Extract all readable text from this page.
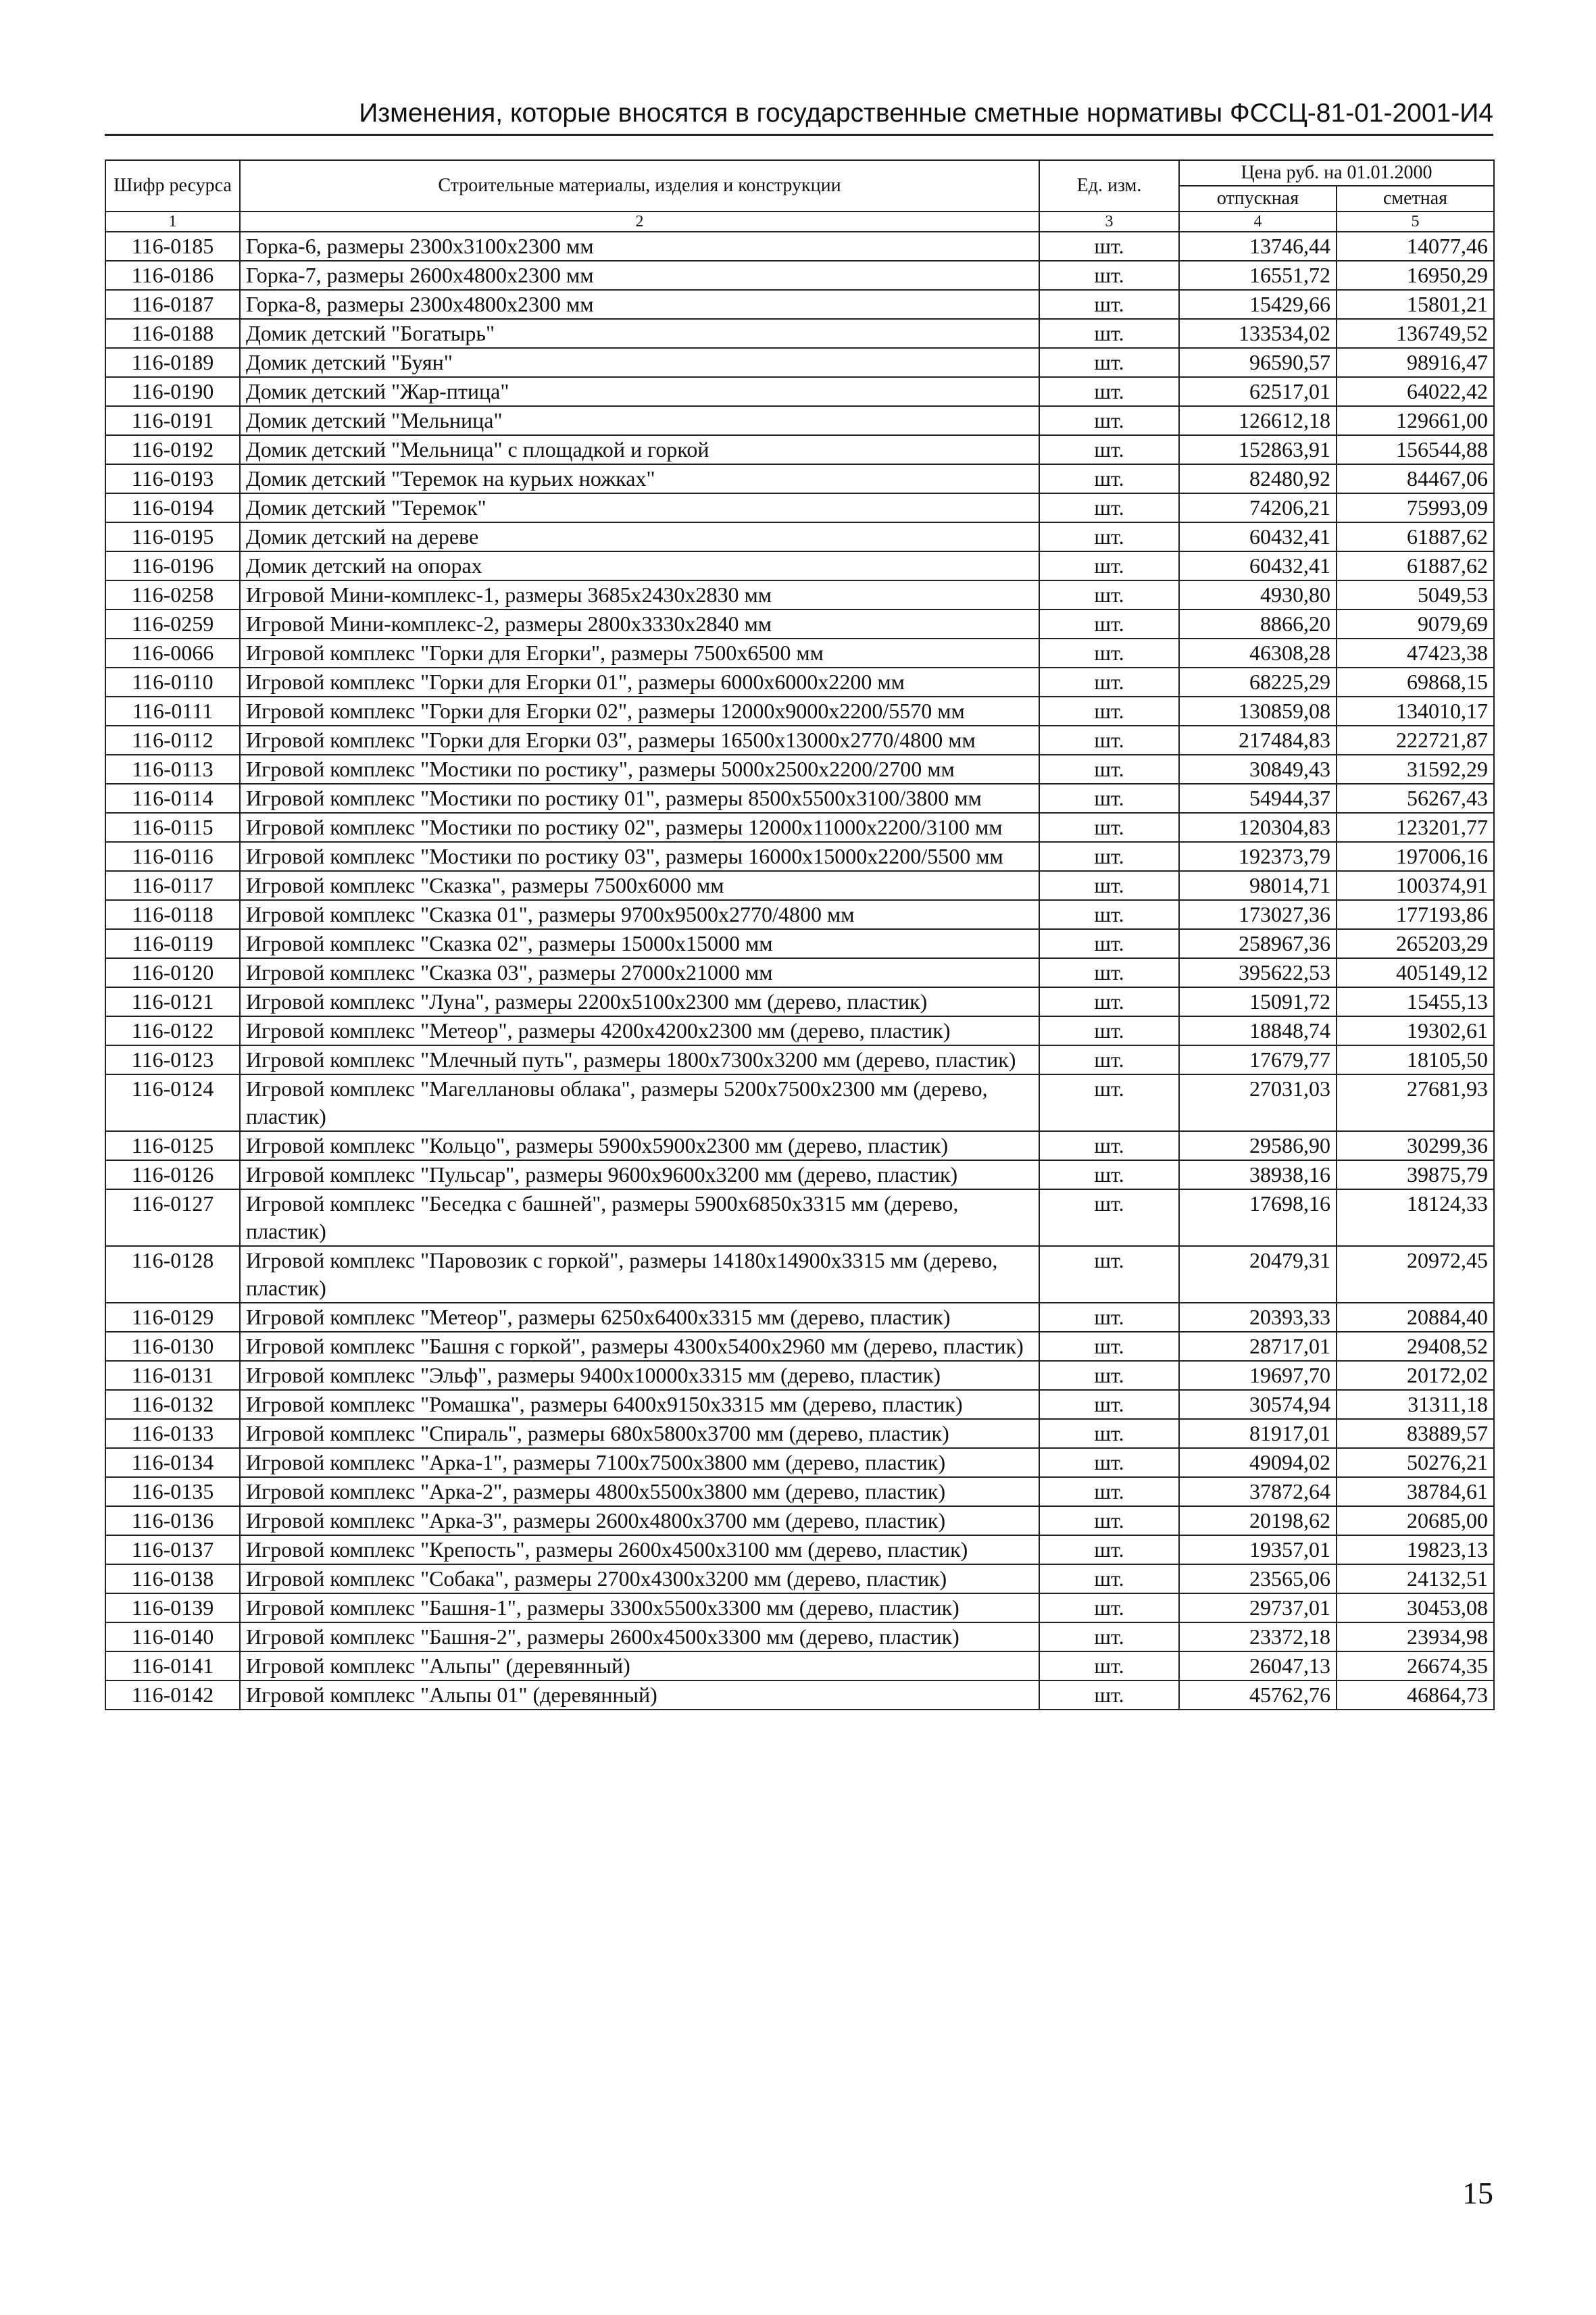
Изменения, которые вносятся в государственные сметные нормативы ФССЦ-81-01-2001-И4
Шифр ресурса	Строительные материалы, изделия и конструкции	Ед. изм.	Цена руб. на 01.01.2000	
			отпускная	сметная
1	2	3	4	5
116-0185	Горка-6, размеры 2300х3100х2300 мм	шт.	13746,44	14077,46
116-0186	Горка-7, размеры 2600х4800х2300 мм	шт.	16551,72	16950,29
116-0187	Горка-8, размеры 2300х4800х2300 мм	шт.	15429,66	15801,21
116-0188	Домик детский "Богатырь"	шт.	133534,02	136749,52
116-0189	Домик детский "Буян"	шт.	96590,57	98916,47
116-0190	Домик детский "Жар-птица"	шт.	62517,01	64022,42
116-0191	Домик детский "Мельница"	шт.	126612,18	129661,00
116-0192	Домик детский "Мельница" с площадкой и горкой	шт.	152863,91	156544,88
116-0193	Домик детский "Теремок на курьих ножках"	шт.	82480,92	84467,06
116-0194	Домик детский "Теремок"	шт.	74206,21	75993,09
116-0195	Домик детский на дереве	шт.	60432,41	61887,62
116-0196	Домик детский на опорах	шт.	60432,41	61887,62
116-0258	Игровой Мини-комплекс-1, размеры 3685х2430х2830 мм	шт.	4930,80	5049,53
116-0259	Игровой Мини-комплекс-2, размеры 2800х3330х2840 мм	шт.	8866,20	9079,69
116-0066	Игровой комплекс "Горки для Егорки", размеры 7500х6500 мм	шт.	46308,28	47423,38
116-0110	Игровой комплекс "Горки для Егорки 01", размеры 6000х6000х2200 мм	шт.	68225,29	69868,15
116-0111	Игровой комплекс "Горки для Егорки 02", размеры 12000х9000х2200/5570 мм	шт.	130859,08	134010,17
116-0112	Игровой комплекс "Горки для Егорки 03", размеры 16500х13000х2770/4800 мм	шт.	217484,83	222721,87
116-0113	Игровой комплекс "Мостики по ростику", размеры 5000х2500х2200/2700 мм	шт.	30849,43	31592,29
116-0114	Игровой комплекс "Мостики по ростику 01", размеры 8500х5500х3100/3800 мм	шт.	54944,37	56267,43
116-0115	Игровой комплекс "Мостики по ростику 02", размеры 12000х11000х2200/3100 мм	шт.	120304,83	123201,77
116-0116	Игровой комплекс "Мостики по ростику 03", размеры 16000х15000х2200/5500 мм	шт.	192373,79	197006,16
116-0117	Игровой комплекс "Сказка", размеры 7500х6000 мм	шт.	98014,71	100374,91
116-0118	Игровой комплекс "Сказка 01", размеры 9700х9500х2770/4800 мм	шт.	173027,36	177193,86
116-0119	Игровой комплекс "Сказка 02", размеры 15000х15000 мм	шт.	258967,36	265203,29
116-0120	Игровой комплекс "Сказка 03", размеры 27000х21000 мм	шт.	395622,53	405149,12
116-0121	Игровой комплекс "Луна", размеры 2200х5100х2300 мм (дерево, пластик)	шт.	15091,72	15455,13
116-0122	Игровой комплекс "Метеор", размеры 4200х4200х2300 мм (дерево, пластик)	шт.	18848,74	19302,61
116-0123	Игровой комплекс "Млечный путь", размеры 1800х7300х3200 мм (дерево, пластик)	шт.	17679,77	18105,50
116-0124	Игровой комплекс "Магеллановы облака", размеры 5200х7500х2300 мм (дерево, пластик)	шт.	27031,03	27681,93
116-0125	Игровой комплекс "Кольцо", размеры 5900х5900х2300 мм (дерево, пластик)	шт.	29586,90	30299,36
116-0126	Игровой комплекс "Пульсар", размеры 9600х9600х3200 мм (дерево, пластик)	шт.	38938,16	39875,79
116-0127	Игровой комплекс "Беседка с башней", размеры 5900х6850х3315 мм (дерево, пластик)	шт.	17698,16	18124,33
116-0128	Игровой комплекс "Паровозик с горкой", размеры 14180х14900х3315 мм (дерево, пластик)	шт.	20479,31	20972,45
116-0129	Игровой комплекс "Метеор", размеры 6250х6400х3315 мм (дерево, пластик)	шт.	20393,33	20884,40
116-0130	Игровой комплекс "Башня с горкой", размеры 4300х5400х2960 мм (дерево, пластик)	шт.	28717,01	29408,52
116-0131	Игровой комплекс "Эльф", размеры 9400х10000х3315 мм (дерево, пластик)	шт.	19697,70	20172,02
116-0132	Игровой комплекс "Ромашка", размеры 6400х9150х3315 мм (дерево, пластик)	шт.	30574,94	31311,18
116-0133	Игровой комплекс "Спираль", размеры 680х5800х3700 мм (дерево, пластик)	шт.	81917,01	83889,57
116-0134	Игровой комплекс "Арка-1", размеры 7100х7500х3800 мм (дерево, пластик)	шт.	49094,02	50276,21
116-0135	Игровой комплекс "Арка-2", размеры 4800х5500х3800 мм (дерево, пластик)	шт.	37872,64	38784,61
116-0136	Игровой комплекс "Арка-3", размеры 2600х4800х3700 мм (дерево, пластик)	шт.	20198,62	20685,00
116-0137	Игровой комплекс "Крепость", размеры 2600х4500х3100 мм (дерево, пластик)	шт.	19357,01	19823,13
116-0138	Игровой комплекс "Собака", размеры 2700х4300х3200 мм (дерево, пластик)	шт.	23565,06	24132,51
116-0139	Игровой комплекс "Башня-1", размеры 3300х5500х3300 мм (дерево, пластик)	шт.	29737,01	30453,08
116-0140	Игровой комплекс "Башня-2", размеры 2600х4500х3300 мм (дерево, пластик)	шт.	23372,18	23934,98
116-0141	Игровой комплекс "Альпы" (деревянный)	шт.	26047,13	26674,35
116-0142	Игровой комплекс "Альпы 01" (деревянный)	шт.	45762,76	46864,73
15
